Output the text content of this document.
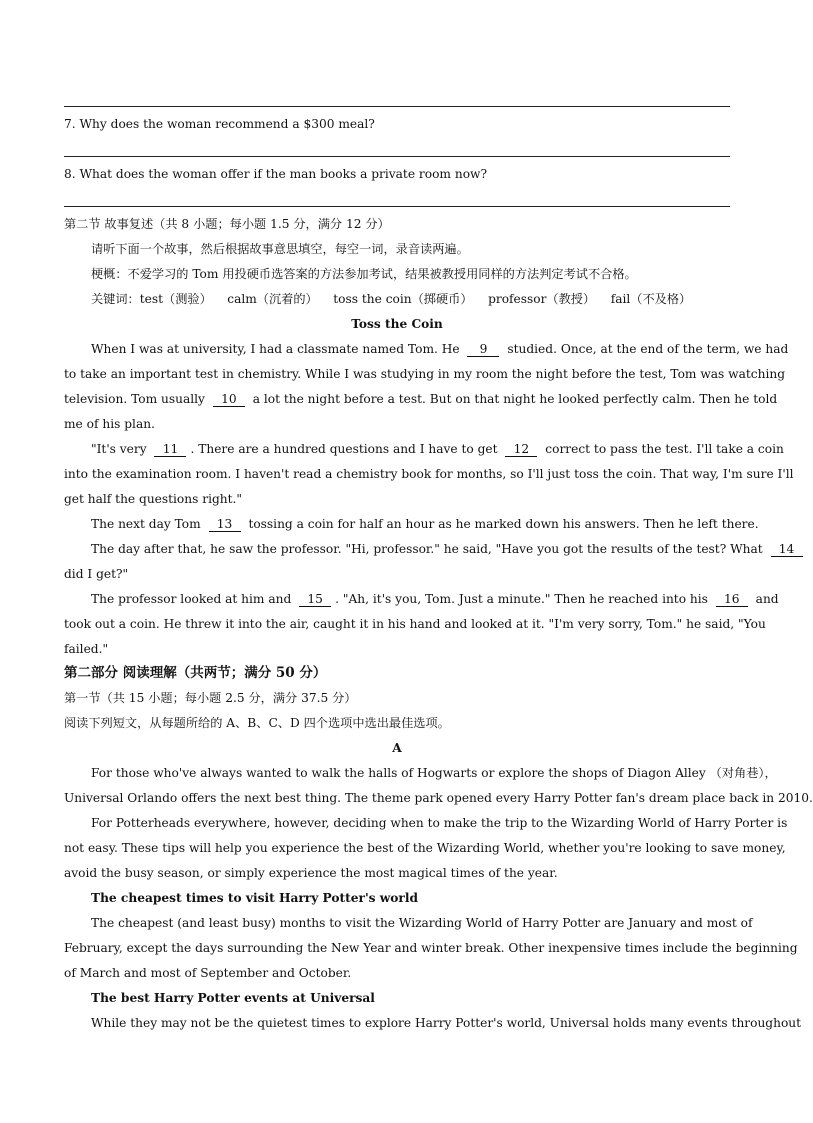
7. Why does the woman recommend a $300 meal?
8. What does the woman offer if the man books a private room now?
第二节 故事复述（共 8 小题；每小题 1.5 分，满分 12 分）
请听下面一个故事，然后根据故事意思填空，每空一词，录音读两遍。
梗概：不爱学习的 Tom 用投硬币选答案的方法参加考试，结果被教授用同样的方法判定考试不合格。
关键词：test（测验） calm（沉着的） toss the coin（掷硬币） professor（教授） fail（不及格）
Toss the Coin
When I was at university, I had a classmate named Tom. He 9 studied. Once, at the end of the term, we had
to take an important test in chemistry. While I was studying in my room the night before the test, Tom was watching
television. Tom usually 10 a lot the night before a test. But on that night he looked perfectly calm. Then he told
me of his plan.
"It's very 11 . There are a hundred questions and I have to get 12 correct to pass the test. I'll take a coin
into the examination room. I haven't read a chemistry book for months, so I'll just toss the coin. That way, I'm sure I'll
get half the questions right."
The next day Tom 13 tossing a coin for half an hour as he marked down his answers. Then he left there.
The day after that, he saw the professor. "Hi, professor." he said, "Have you got the results of the test? What 14
did I get?"
The professor looked at him and 15 . "Ah, it's you, Tom. Just a minute." Then he reached into his 16 and
took out a coin. He threw it into the air, caught it in his hand and looked at it. "I'm very sorry, Tom." he said, "You
failed."
第二部分 阅读理解（共两节；满分 50 分）
第一节（共 15 小题；每小题 2.5 分，满分 37.5 分）
阅读下列短文，从每题所给的 A、B、C、D 四个选项中选出最佳选项。
A
For those who've always wanted to walk the halls of Hogwarts or explore the shops of Diagon Alley （对角巷），
Universal Orlando offers the next best thing. The theme park opened every Harry Potter fan's dream place back in 2010.
For Potterheads everywhere, however, deciding when to make the trip to the Wizarding World of Harry Porter is
not easy. These tips will help you experience the best of the Wizarding World, whether you're looking to save money,
avoid the busy season, or simply experience the most magical times of the year.
The cheapest times to visit Harry Potter's world
The cheapest (and least busy) months to visit the Wizarding World of Harry Potter are January and most of
February, except the days surrounding the New Year and winter break. Other inexpensive times include the beginning
of March and most of September and October.
The best Harry Potter events at Universal
While they may not be the quietest times to explore Harry Potter's world, Universal holds many events throughout
